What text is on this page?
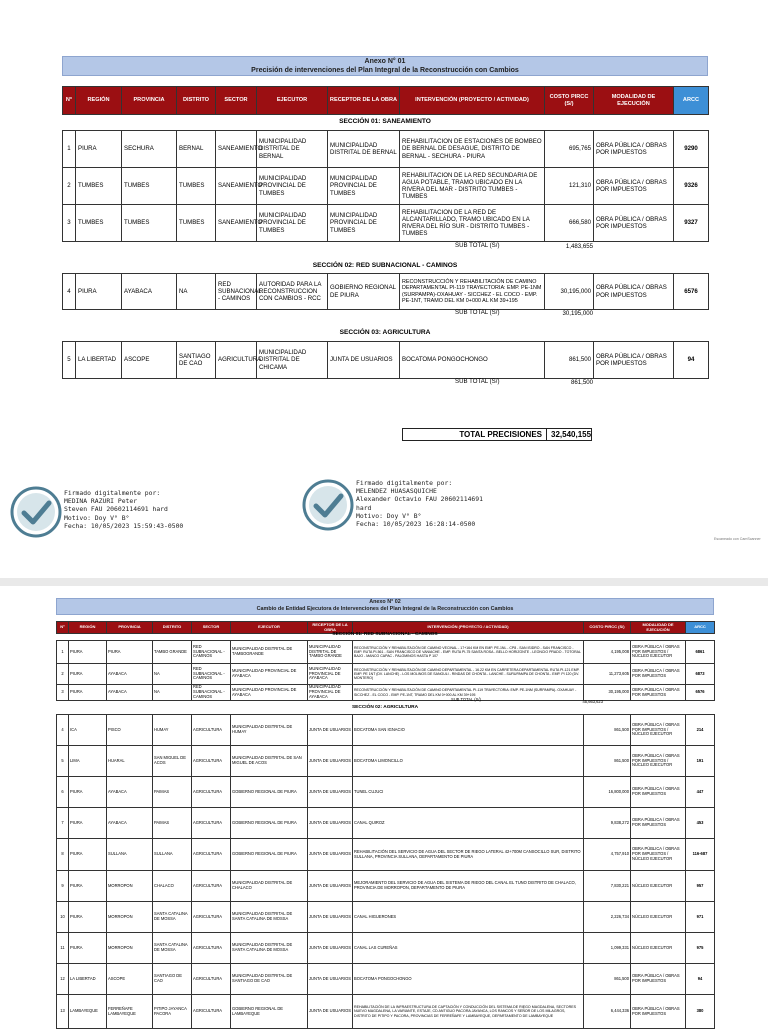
Anexo N° 01
Precisión de intervenciones del Plan Integral de la Reconstrucción con Cambios
N°	REGIÓN	PROVINCIA	DISTRITO	SECTOR	EJECUTOR	RECEPTOR DE LA OBRA	INTERVENCIÓN (PROYECTO / ACTIVIDAD)	COSTO PIRCC (S/)	MODALIDAD DE EJECUCIÓN	ARCC
SECCIÓN 01: SANEAMIENTO
1	PIURA	SECHURA	BERNAL	SANEAMIENTO	MUNICIPALIDAD DISTRITAL DE BERNAL	MUNICIPALIDAD DISTRITAL DE BERNAL	REHABILITACION DE ESTACIONES DE BOMBEO DE BERNAL DE DESAGUE, DISTRITO DE BERNAL - SECHURA - PIURA	695,765	OBRA PÚBLICA / OBRAS POR IMPUESTOS	9290
2	TUMBES	TUMBES	TUMBES	SANEAMIENTO	MUNICIPALIDAD PROVINCIAL DE TUMBES	MUNICIPALIDAD PROVINCIAL DE TUMBES	REHABILITACION DE LA RED SECUNDARIA DE AGUA POTABLE, TRAMO UBICADO EN LA RIVERA DEL MAR - DISTRITO TUMBES - TUMBES	121,310	OBRA PÚBLICA / OBRAS POR IMPUESTOS	9326
3	TUMBES	TUMBES	TUMBES	SANEAMIENTO	MUNICIPALIDAD PROVINCIAL DE TUMBES	MUNICIPALIDAD PROVINCIAL DE TUMBES	REHABILITACION DE LA RED DE ALCANTARILLADO, TRAMO UBICADO EN LA RIVERA DEL RÍO SUR - DISTRITO TUMBES - TUMBES	666,580	OBRA PÚBLICA / OBRAS POR IMPUESTOS	9327
SUB TOTAL (S/)	1,483,655
SECCIÓN 02: RED SUBNACIONAL - CAMINOS
4	PIURA	AYABACA	NA	RED SUBNACIONAL - CAMINOS	AUTORIDAD PARA LA RECONSTRUCCION CON CAMBIOS - RCC	GOBIERNO REGIONAL DE PIURA	RECONSTRUCCIÓN Y REHABILITACIÓN DE CAMINO DEPARTAMENTAL PI-119 TRAYECTORIA: EMP. PE-1NM (SURPAMPA)-OXAHUAY - SICCHEZ - EL COCO - EMP. PE-1NT, TRAMO DEL KM 0+000 AL KM 39+195	30,195,000	OBRA PÚBLICA / OBRAS POR IMPUESTOS	6576
SUB TOTAL (S/)	30,195,000
SECCIÓN 03: AGRICULTURA
5	LA LIBERTAD	ASCOPE	SANTIAGO DE CAO	AGRICULTURA	MUNICIPALIDAD DISTRITAL DE CHICAMA	JUNTA DE USUARIOS	BOCATOMA PONGOCHONGO	861,500	OBRA PÚBLICA / OBRAS POR IMPUESTOS	94
SUB TOTAL (S/)	861,500
TOTAL PRECISIONES	32,540,155
Firmado digitalmente por:
MEDINA RAZURI Peter
Steven FAU 20602114691 hard
Motivo: Doy V° B°
Fecha: 10/05/2023 15:59:43-0500
Firmado digitalmente por:
MELENDEZ HUASASQUICHE
Alexander Octavio FAU 20602114691
hard
Motivo: Doy V° B°
Fecha: 10/05/2023 16:28:14-0500
Escaneado con CamScanner
Anexo N° 02
Cambio de Entidad Ejecutora de Intervenciones del Plan Integral de la Reconstrucción con Cambios
N°	REGIÓN	PROVINCIA	DISTRITO	SECTOR	EJECUTOR	RECEPTOR DE LA OBRA	INTERVENCIÓN (PROYECTO / ACTIVIDAD)	COSTO PIRCC (S/)	MODALIDAD DE EJECUCIÓN	ARCC
SECCIÓN 01: RED SUBNACIONAL - CAMINOS
1	PIURA	PIURA	TAMBO GRANDE	RED SUBNACIONAL - CAMINOS	MUNICIPALIDAD DISTRITAL DE TAMBOGRANDE	MUNICIPALIDAD DISTRITAL DE TAMBO GRANDE	RECONSTRUCCIÓN Y REHABILITACIÓN DE CAMINO VECINAL - 17+164 KM EN EMP. PE-1NL - CP8 - SAN ISIDRO - SAN FRANCISCO - EMP. RUTA PI-561 - SAN FRANCISCO DE VANIACHE - EMP. RUTA PI-75 SANTA ROSA - BELLO HORIZONTE - LEONCIO PRADO - TOTORAL BAJO - MANCO CAPAC - PALOMINOS HASTA P 107	4,195,008	OBRA PÚBLICA / OBRAS POR IMPUESTOS / NÚCLEO EJECUTOR	6861
2	PIURA	AYABACA	NA	RED SUBNACIONAL - CAMINOS	MUNICIPALIDAD PROVINCIAL DE AYABACA	MUNICIPALIDAD PROVINCIAL DE AYABACA	RECONSTRUCCIÓN Y REHABILITACIÓN DE CAMINO DEPARTAMENTAL - 16.22 KM EN CARRETERA DEPARTAMENTAL RUTA PI-121 EMP. EMP. PE 1NT (DV. LANCHE) - LOS MOLINOS DE SANGULI - RINDAS DE CHONTA - LANCHE - SURUPAMPA DE CHONTA - EMP. PI 120 (DV. MONTERO)	11,273,605	OBRA PÚBLICA / OBRAS POR IMPUESTOS	6873
3	PIURA	AYABACA	NA	RED SUBNACIONAL - CAMINOS	MUNICIPALIDAD PROVINCIAL DE AYABACA	MUNICIPALIDAD PROVINCIAL DE AYABACA	RECONSTRUCCIÓN Y REHABILITACIÓN DE CAMINO DEPARTAMENTAL PI-119 TRAYECTORIA: EMP. PE-1NM (SURPAMPA)- OXAHUAY - SICCHEZ - EL COCO - EMP. PE-1NT, TRAMO DEL KM 0+000 AL KM 39+195	30,195,000	OBRA PÚBLICA / OBRAS POR IMPUESTOS	6576
SUB TOTAL (S/)	45,663,623
SECCIÓN 02: AGRICULTURA
4	ICA	PISCO	HUMAY	AGRICULTURA	MUNICIPALIDAD DISTRITAL DE HUMAY	JUNTA DE USUARIOS	BOCATOMA SAN IGNACIO	861,500	OBRA PÚBLICA / OBRAS POR IMPUESTOS / NÚCLEO EJECUTOR	214
5	LIMA	HUARAL	SAN MIGUEL DE ACOS	AGRICULTURA	MUNICIPALIDAD DISTRITAL DE SAN MIGUEL DE ACOS	JUNTA DE USUARIOS	BOCATOMA LIMONCILLO	861,500	OBRA PÚBLICA / OBRAS POR IMPUESTOS / NÚCLEO EJECUTOR	191
6	PIURA	AYABACA	PAIMAS	AGRICULTURA	GOBIERNO REGIONAL DE PIURA	JUNTA DE USUARIOS	TUNEL CUJUCI	16,800,000	OBRA PÚBLICA / OBRAS POR IMPUESTOS	447
7	PIURA	AYABACA	PAIMAS	AGRICULTURA	GOBIERNO REGIONAL DE PIURA	JUNTA DE USUARIOS	CANAL QUIROZ	9,838,272	OBRA PÚBLICA / OBRAS POR IMPUESTOS	453
8	PIURA	SULLANA	SULLANA	AGRICULTURA	GOBIERNO REGIONAL DE PIURA	JUNTA DE USUARIOS	REHABILITACIÓN DEL SERVICIO DE AGUA DEL SECTOR DE RIEGO LATERAL 42+700M CANSOCILLO SUR, DISTRITO SULLANA, PROVINCIA SULLANA, DEPARTAMENTO DE PIURA	4,757,910	OBRA PÚBLICA / OBRAS POR IMPUESTOS / NÚCLEO EJECUTOR	116-687
9	PIURA	MORROPON	CHALACO	AGRICULTURA	MUNICIPALIDAD DISTRITAL DE CHALACO	JUNTA DE USUARIOS	MEJORAMIENTO DEL SERVICIO DE AGUA DEL SISTEMA DE RIEGO DEL CANAL EL TUNO DISTRITO DE CHALACO, PROVINCIA DE MORROPON, DEPARTAMENTO DE PIURA	7,830,221	NÚCLEO EJECUTOR	957
10	PIURA	MORROPON	SANTA CATALINA DE MOSSA	AGRICULTURA	MUNICIPALIDAD DISTRITAL DE SANTA CATALINA DE MOSSA	JUNTA DE USUARIOS	CANAL HIGUERONES	2,226,734	NÚCLEO EJECUTOR	971
11	PIURA	MORROPON	SANTA CATALINA DE MOSSA	AGRICULTURA	MUNICIPALIDAD DISTRITAL DE SANTA CATALINA DE MOSSA	JUNTA DE USUARIOS	CANAL LAS CUREÑAS	1,099,331	NÚCLEO EJECUTOR	975
12	LA LIBERTAD	ASCOPE	SANTIAGO DE CAO	AGRICULTURA	MUNICIPALIDAD DISTRITAL DE SANTIAGO DE CAO	JUNTA DE USUARIOS	BOCATOMA PONGOCHONGO	861,500	OBRA PÚBLICA / OBRAS POR IMPUESTOS	94
13	LAMBAYEQUE	FERREÑAFE LAMBAYEQUE	PITIPO JAYANCA PACORA	AGRICULTURA	GOBIERNO REGIONAL DE LAMBAYEQUE	JUNTA DE USUARIOS	REHABILITACIÓN DE LA INFRAESTRUCTURA DE CAPTACIÓN Y CONDUCCIÓN DEL SISTEMA DE RIEGO MAGDALENA, SECTORES NUEVO MAGDALENA, LA VARIANTE, ESTAJE, CD ANTIGUO PACORA JAYANCA, LOS RANCOS Y SEÑOR DE LOS MILAGROS, DISTRITO DE PITIPO Y PACORA, PROVINCIAS DE FERREÑAFE Y LAMBAYEQUE, DEPARTAMENTO DE LAMBAYEQUE	6,444,336	OBRA PÚBLICA / OBRAS POR IMPUESTOS	380
